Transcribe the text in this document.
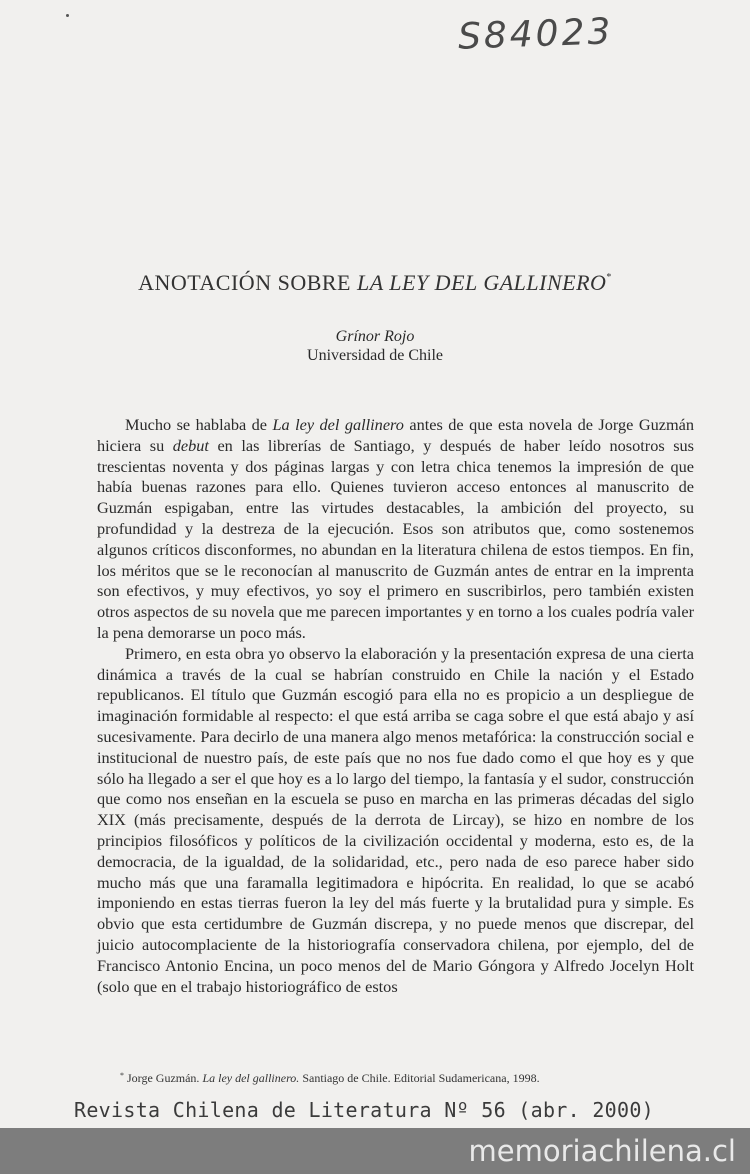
S84023
ANOTACIÓN SOBRE LA LEY DEL GALLINERO*
Grínor Rojo
Universidad de Chile

Mucho se hablaba de La ley del gallinero antes de que esta novela de Jorge Guzmán hiciera su debut en las librerías de Santiago, y después de haber leído nosotros sus trescientas noventa y dos páginas largas y con letra chica tenemos la impresión de que había buenas razones para ello. Quienes tuvieron acceso entonces al manuscrito de Guzmán espigaban, entre las virtudes destacables, la ambición del proyecto, su profundidad y la destreza de la ejecución. Esos son atributos que, como sostenemos algunos críticos disconformes, no abundan en la literatura chilena de estos tiempos. En fin, los méritos que se le reconocían al manuscrito de Guzmán antes de entrar en la imprenta son efectivos, y muy efectivos, yo soy el primero en suscribirlos, pero también existen otros aspectos de su novela que me parecen importantes y en torno a los cuales podría valer la pena demorarse un poco más.

Primero, en esta obra yo observo la elaboración y la presentación expresa de una cierta dinámica a través de la cual se habrían construido en Chile la nación y el Estado republicanos. El título que Guzmán escogió para ella no es propicio a un despliegue de imaginación formidable al respecto: el que está arriba se caga sobre el que está abajo y así sucesivamente. Para decirlo de una manera algo menos metafórica: la construcción social e institucional de nuestro país, de este país que no nos fue dado como el que hoy es y que sólo ha llegado a ser el que hoy es a lo largo del tiempo, la fantasía y el sudor, construcción que como nos enseñan en la escuela se puso en marcha en las primeras décadas del siglo XIX (más precisamente, después de la derrota de Lircay), se hizo en nombre de los principios filosóficos y políticos de la civilización occidental y moderna, esto es, de la democracia, de la igualdad, de la solidaridad, etc., pero nada de eso parece haber sido mucho más que una faramalla legitimadora e hipócrita. En realidad, lo que se acabó imponiendo en estas tierras fueron la ley del más fuerte y la brutalidad pura y simple. Es obvio que esta certidumbre de Guzmán discrepa, y no puede menos que discrepar, del juicio autocomplaciente de la historiografía conservadora chilena, por ejemplo, del de Francisco Antonio Encina, un poco menos del de Mario Góngora y Alfredo Jocelyn Holt (solo que en el trabajo historiográfico de estos

* Jorge Guzmán. La ley del gallinero. Santiago de Chile. Editorial Sudamericana, 1998.
Revista Chilena de Literatura Nº 56 (abr. 2000)
memoriachilena.cl
